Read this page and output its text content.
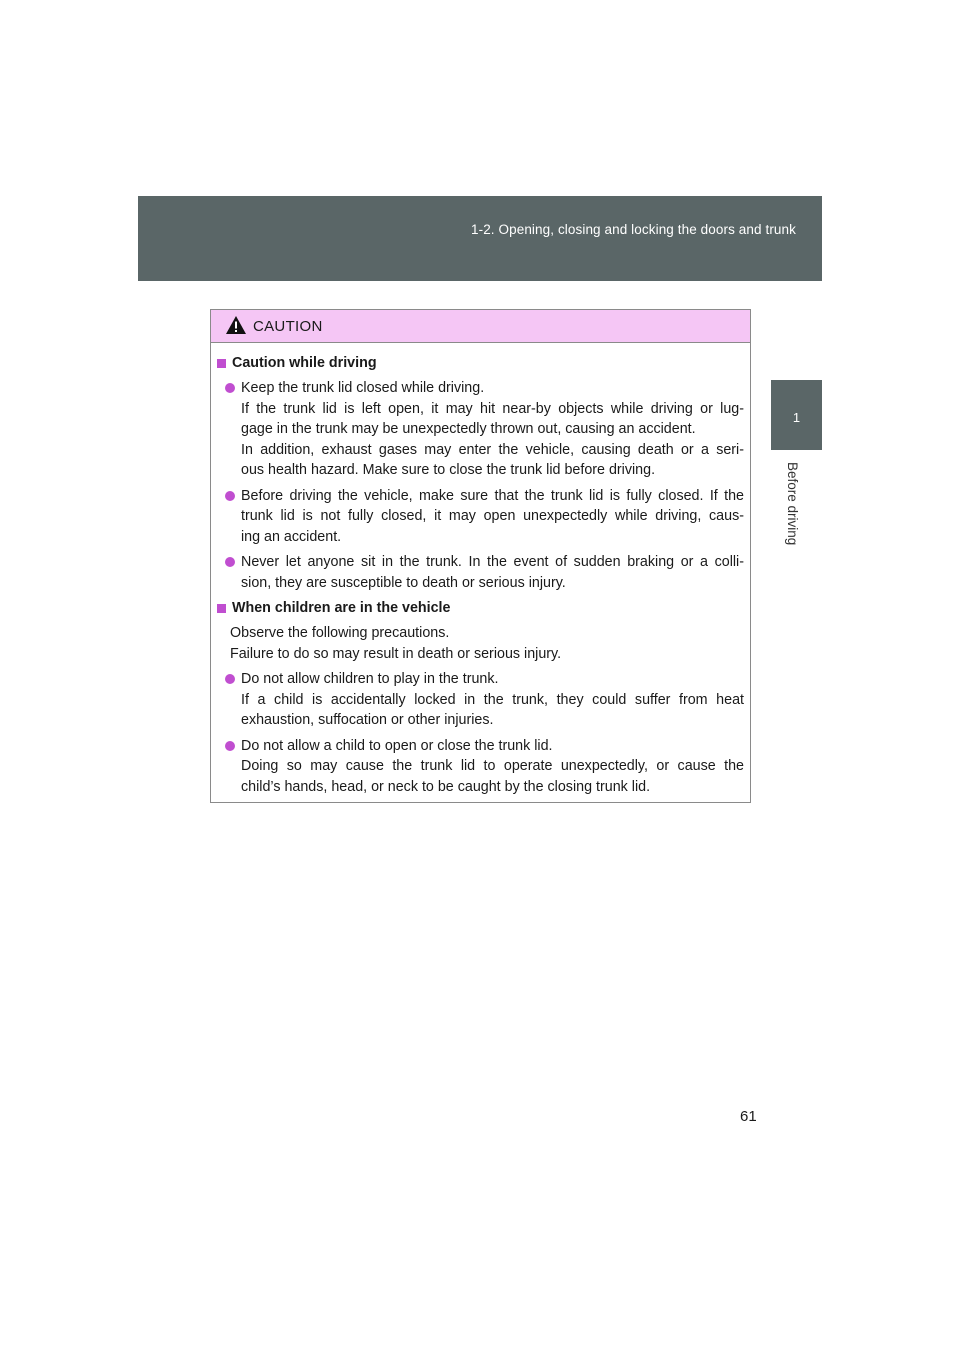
1-2. Opening, closing and locking the doors and trunk
1
Before driving
CAUTION
Caution while driving
Keep the trunk lid closed while driving.
If the trunk lid is left open, it may hit near-by objects while driving or lug-
gage in the trunk may be unexpectedly thrown out, causing an accident.
In addition, exhaust gases may enter the vehicle, causing death or a seri-
ous health hazard. Make sure to close the trunk lid before driving.
Before driving the vehicle, make sure that the trunk lid is fully closed. If the
trunk lid is not fully closed, it may open unexpectedly while driving, caus-
ing an accident.
Never let anyone sit in the trunk. In the event of sudden braking or a colli-
sion, they are susceptible to death or serious injury.
When children are in the vehicle
Observe the following precautions.
Failure to do so may result in death or serious injury.
Do not allow children to play in the trunk.
If a child is accidentally locked in the trunk, they could suffer from heat
exhaustion, suffocation or other injuries.
Do not allow a child to open or close the trunk lid.
Doing so may cause the trunk lid to operate unexpectedly, or cause the
child’s hands, head, or neck to be caught by the closing trunk lid.
61
